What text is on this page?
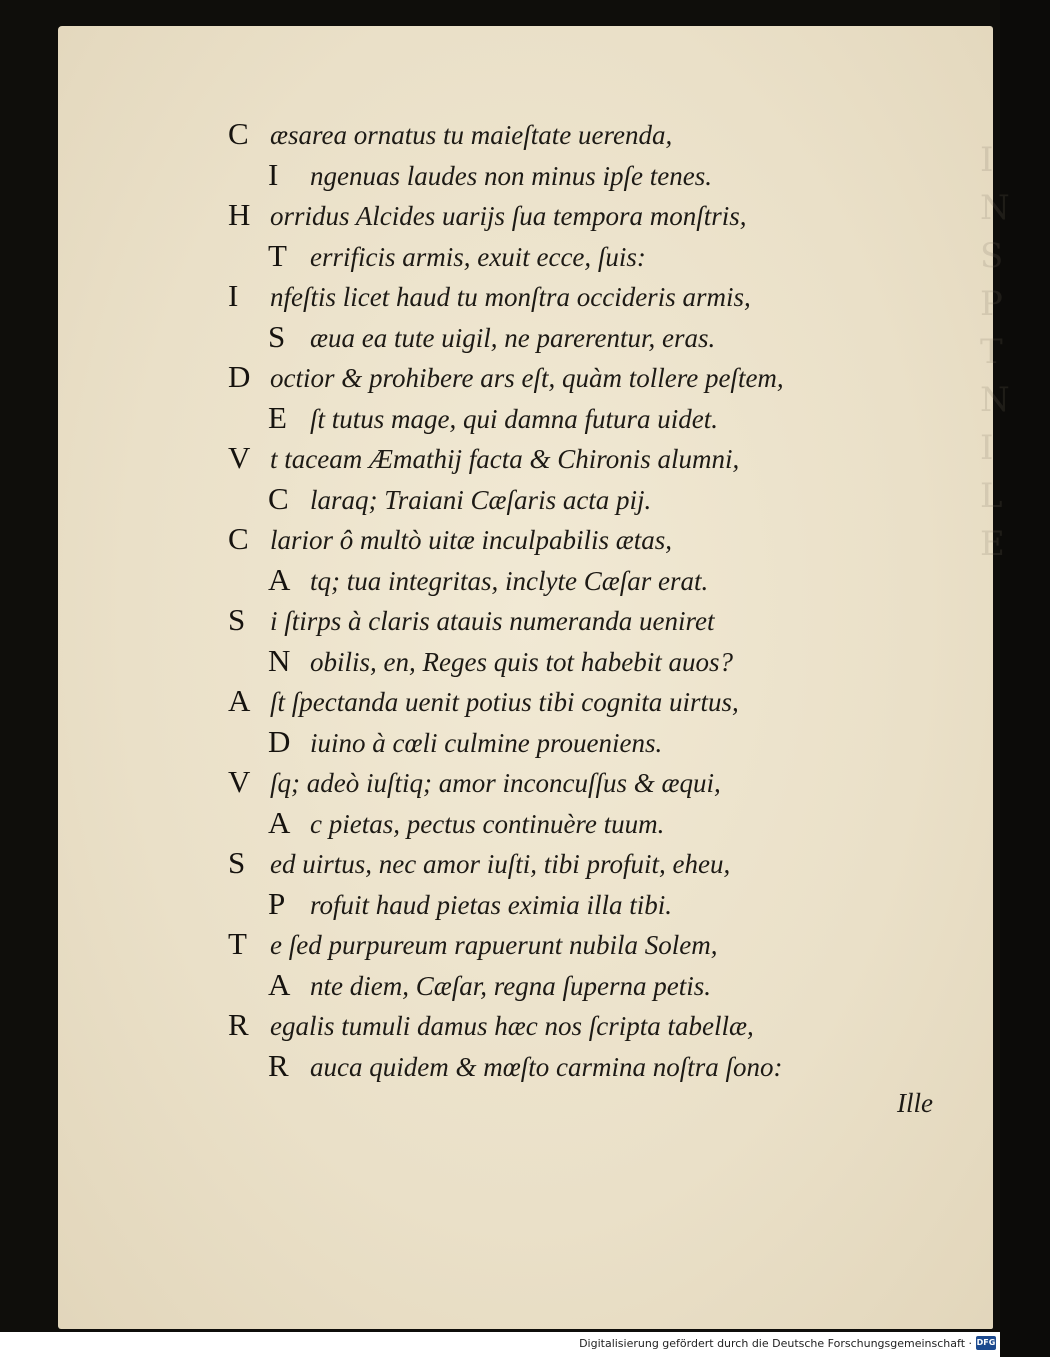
I
N
S
P
T
N
I
L
E
C æsarea ornatus tu maieſtate uerenda,
I ngenuas laudes non minus ipſe tenes.
H orridus Alcides uarijs ſua tempora monſtris,
T errificis armis, exuit ecce, ſuis:
I nfeſtis licet haud tu monſtra occideris armis,
S æua ea tute uigil, ne parerentur, eras.
D octior & prohibere ars eſt, quàm tollere peſtem,
E ſt tutus mage, qui damna futura uidet.
V t taceam Æmathij facta & Chironis alumni,
C laraq; Traiani Cæſaris acta pij.
C larior ô multò uitæ inculpabilis ætas,
A tq; tua integritas, inclyte Cæſar erat.
S i ſtirps à claris atauis numeranda ueniret
N obilis, en, Reges quis tot habebit auos?
A ſt ſpectanda uenit potius tibi cognita uirtus,
D iuino à cœli culmine proueniens.
V ſq; adeò iuſtiq; amor inconcuſſus & æqui,
A c pietas, pectus continuère tuum.
S ed uirtus, nec amor iuſti, tibi profuit, eheu,
P rofuit haud pietas eximia illa tibi.
T e ſed purpureum rapuerunt nubila Solem,
A nte diem, Cæſar, regna ſuperna petis.
R egalis tumuli damus hæc nos ſcripta tabellæ,
R auca quidem & mœſto carmina noſtra ſono:
Ille
Digitalisierung gefördert durch die Deutsche Forschungsgemeinschaft · DFG
